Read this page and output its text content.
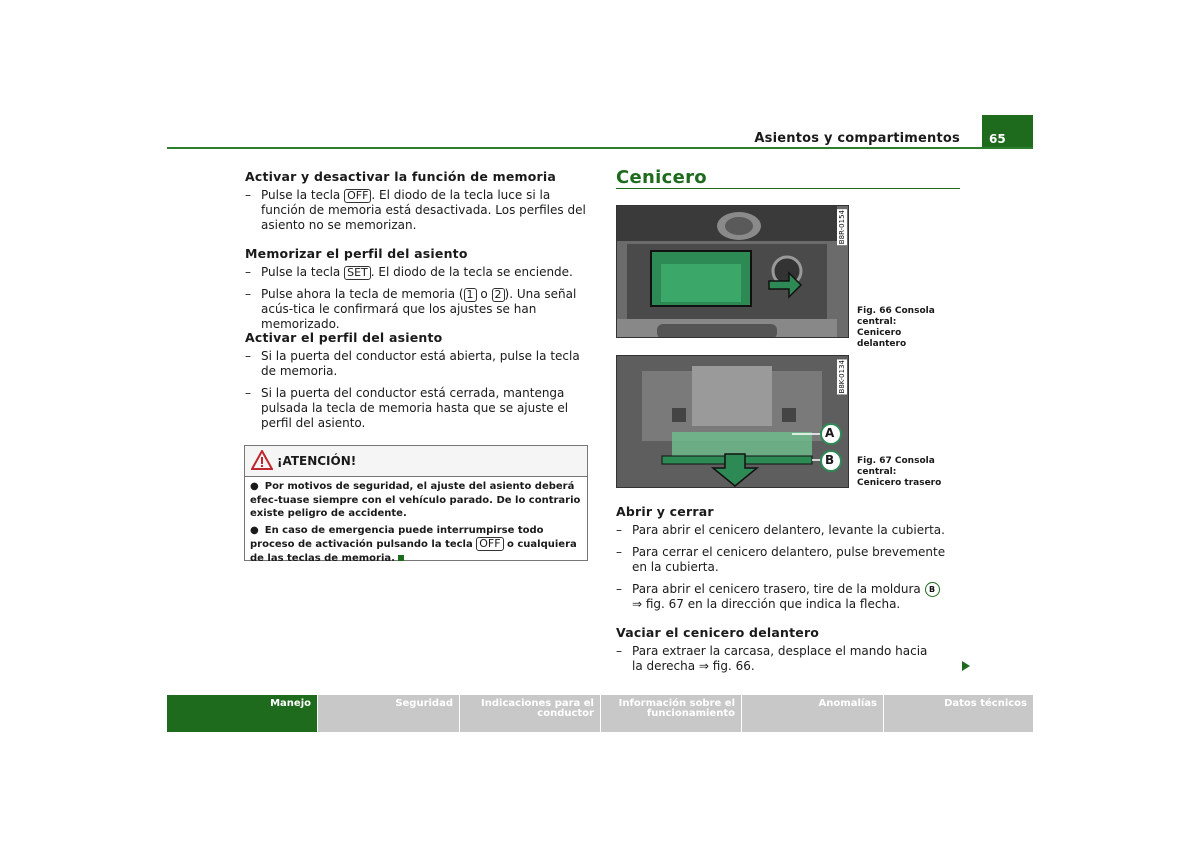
Asientos y compartimentos	65
Activar y desactivar la función de memoria
– Pulse la tecla OFF . El diodo de la tecla luce si la función de memoria está desactivada. Los perfiles del asiento no se memorizan.
Memorizar el perfil del asiento
– Pulse la tecla SET . El diodo de la tecla se enciende.
– Pulse ahora la tecla de memoria ( 1 o 2 ). Una señal acús-tica le confirmará que los ajustes se han memorizado.
Activar el perfil del asiento
– Si la puerta del conductor está abierta, pulse la tecla de memoria.
– Si la puerta del conductor está cerrada, mantenga pulsada la tecla de memoria hasta que se ajuste el perfil del asiento.
¡ATENCIÓN!
● Por motivos de seguridad, el ajuste del asiento deberá efec-tuase siempre con el vehículo parado. De lo contrario existe peligro de accidente.
● En caso de emergencia puede interrumpirse todo proceso de activación pulsando la tecla OFF o cualquiera de las teclas de memoria.
Cenicero
B8R-0154
Fig. 66 Consola central: Cenicero delantero
A
B
B8K-0134
Fig. 67 Consola central: Cenicero trasero
Abrir y cerrar
– Para abrir el cenicero delantero, levante la cubierta.
– Para cerrar el cenicero delantero, pulse brevemente en la cubierta.
– Para abrir el cenicero trasero, tire de la moldura B
⇒ fig. 67 en la dirección que indica la flecha.
Vaciar el cenicero delantero
– Para extraer la carcasa, desplace el mando hacia la derecha ⇒ fig. 66.
Manejo	Seguridad	Indicaciones para el conductor
Información sobre el funcionamiento
Anomalías	Datos técnicos
